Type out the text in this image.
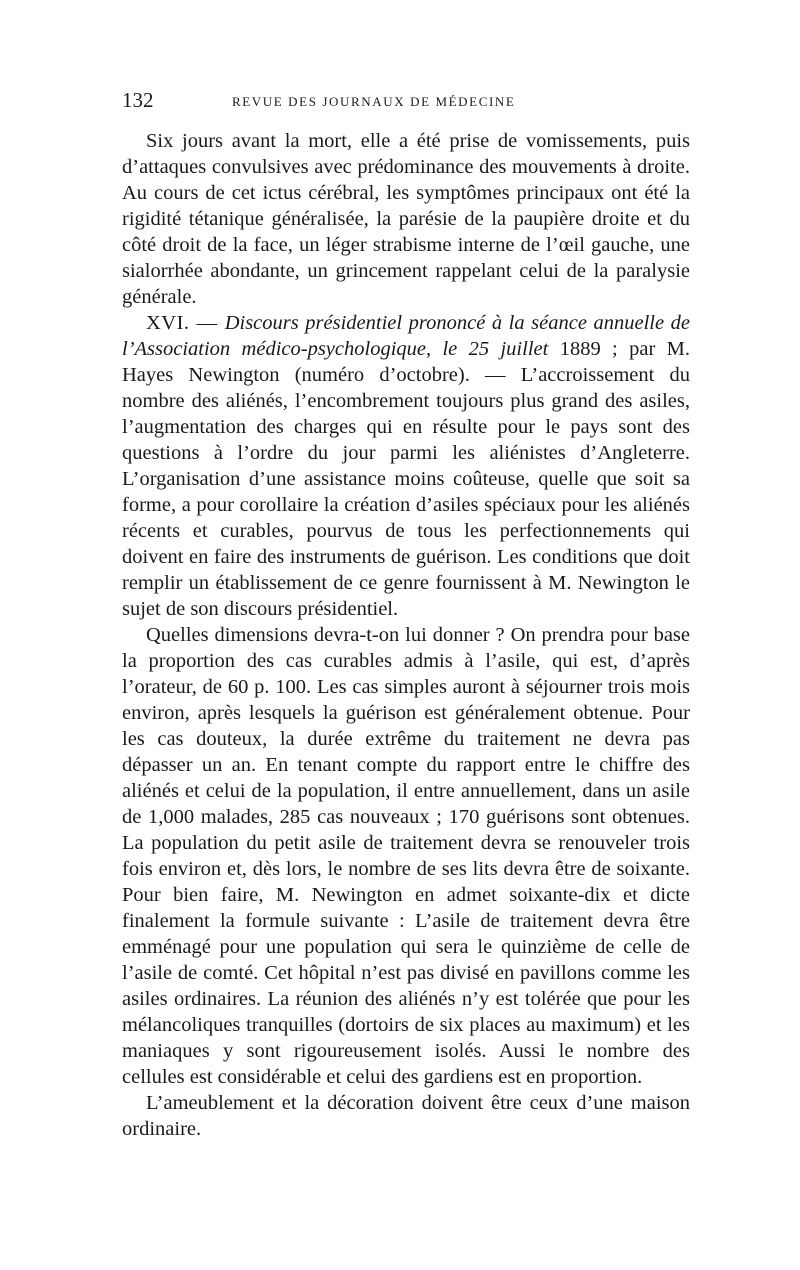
132	REVUE DES JOURNAUX DE MÉDECINE

Six jours avant la mort, elle a été prise de vomissements, puis d’attaques convulsives avec prédominance des mouvements à droite. Au cours de cet ictus cérébral, les symptômes principaux ont été la rigidité tétanique généralisée, la parésie de la paupière droite et du côté droit de la face, un léger strabisme interne de l’œil gauche, une sialorrhée abondante, un grincement rappelant celui de la paralysie générale.

XVI. — Discours présidentiel prononcé à la séance annuelle de l’Association médico-psychologique, le 25 juillet 1889 ; par M. Hayes Newington (numéro d’octobre). — L’accroissement du nombre des aliénés, l’encombrement toujours plus grand des asiles, l’augmentation des charges qui en résulte pour le pays sont des questions à l’ordre du jour parmi les aliénistes d’Angleterre. L’organisation d’une assistance moins coûteuse, quelle que soit sa forme, a pour corollaire la création d’asiles spéciaux pour les aliénés récents et curables, pourvus de tous les perfectionnements qui doivent en faire des instruments de guérison. Les conditions que doit remplir un établissement de ce genre fournissent à M. Newington le sujet de son discours présidentiel.

Quelles dimensions devra-t-on lui donner ? On prendra pour base la proportion des cas curables admis à l’asile, qui est, d’après l’orateur, de 60 p. 100. Les cas simples auront à séjourner trois mois environ, après lesquels la guérison est généralement obtenue. Pour les cas douteux, la durée extrême du traitement ne devra pas dépasser un an. En tenant compte du rapport entre le chiffre des aliénés et celui de la population, il entre annuellement, dans un asile de 1,000 malades, 285 cas nouveaux ; 170 guérisons sont obtenues. La population du petit asile de traitement devra se renouveler trois fois environ et, dès lors, le nombre de ses lits devra être de soixante. Pour bien faire, M. Newington en admet soixante-dix et dicte finalement la formule suivante : L’asile de traitement devra être emménagé pour une population qui sera le quinzième de celle de l’asile de comté. Cet hôpital n’est pas divisé en pavillons comme les asiles ordinaires. La réunion des aliénés n’y est tolérée que pour les mélancoliques tranquilles (dortoirs de six places au maximum) et les maniaques y sont rigoureusement isolés. Aussi le nombre des cellules est considérable et celui des gardiens est en proportion.

L’ameublement et la décoration doivent être ceux d’une maison ordinaire.
